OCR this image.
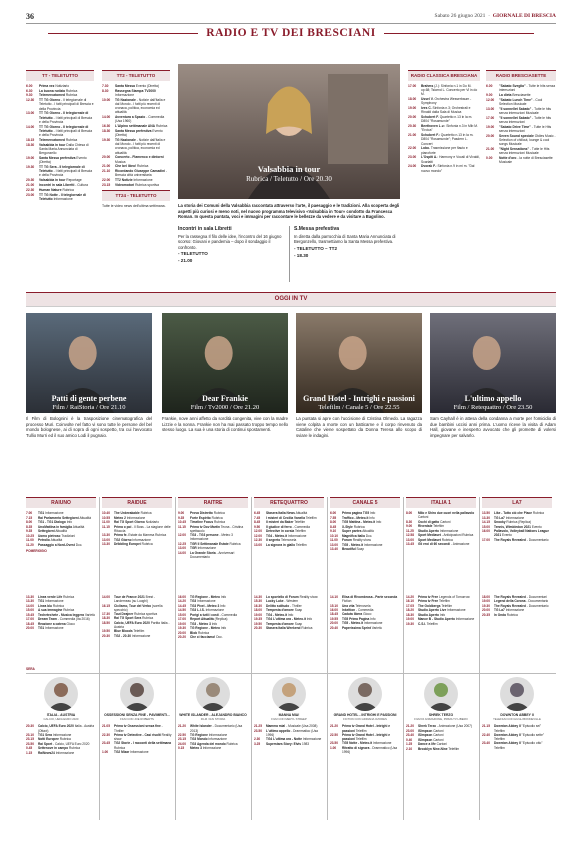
36	Sabato 26 giugno 2021  ·  GIORNALE DI BRESCIA
RADIO E TV DEI BRESCIANI
TT - TELETUTTO
6.00	Prima vez Notiziario
6.30	La buona notizia Rubrica
9.30	Telemercatomed Rubrica
12.30	TT TG Giorno - Il telegiornale di Teletutto - I fatti principali di Brescia e della Provincia
13.00	TT TG Giorno - Il telegiornale di Teletutto - I fatti principali di Brescia e della Provincia
14.00	TT TG Giorno - Il telegiornale di Teletutto - I fatti principali di Brescia e della Provincia
18.15	Telemercatomed Rubrica
18.30	Valsabbia in tour Dalla Chiesa di Santa Maria Annunciata di Bergonzello
19.00	Santa Messa prefestiva Evento (Diretta)
19.30	TT TG Sera - Il telegiornale di Teletutto - I fatti principali di Brescia e della Provincia
20.30	Valsabbia in tour Reportage
21.00	Incontri in sala Libretti - Cultura
22.30	Human Nature Rubrica
23.00	TT TG Notte - Il telegiornale di Teletutto Informazione
TT2 - TELETUTTO
7.30	Santa Messa Evento (Diretta)
8.30	Rassegna Stampa TV2000 Informazione
10.00	TG Nazionale - Notizie dall'Italia e dal Mondo - I fatti più recenti di cronaca, politica, economia ed attualità
14.00	Avventura a Spazio - Commedia (Usa 1960)
16.30	L'Alpino settimanale ANA Rubrica
18.30	Santa Messa prefestiva Evento (Diretta)
19.30	TG Nazionale - Notizie dall'Italia e dal Mondo - I fatti più recenti di cronaca, politica, economia ed attualità
20.00	Concerto - Flamenco e dintorni Musica
21.00	Che bel libro! Rubrica
21.10	Ricordando Giuseppe Camadini - Brescia città universitaria
22.00	TT2 Notizie Informazione
23.15	Videomotori Rubrica sportiva
TT24 - TELETUTTO
Tutte le video news dell'ultima settimana.
Valsabbia in tour
Rubrica / Teletutto / Ore 20.30
La storia dei Comuni della Valsabbia raccontata attraverso l'arte, il paesaggio e le tradizioni. Alla scoperta degli aspetti più curiosi e meno noti, nel nuovo programma televisivo «Valsabbia in Tour» condotto da Francesca Roman. In questa puntata, voci e immagini per raccontare le bellezze da vedere e da visitare a Bagolino.
Incontri in sala Libretti
Per la rassegna Il filo delle idee, l'incontro del 16 giugno scorso: Giovani e pandemia – dopo il sondaggio il confronto.
- TELETUTTO
- 21.00
S.Messa prefestiva
In diretta dalla parrocchia di Santa Maria Annunciata di Bergonzello, trasmettiamo la Santa Messa prefestiva.
- TELETUTTO – TT2
- 18.30
RADIO CLASSICA BRESCIANA
17.00	Brahms (J.): Sinfonia n.1 in Do M. op.68; Tsiarnd L. Concerto per Vl in do M.
18.00	Ussel V. Orchestra Wesserbaum - Symphony
19.00	Ives C. Sinfonia n.3; Orchestrali e Rinaldi dalla Sala di Musica
20.00	Schubert F. Quartetto n.13 in la m. D804 "Rosamunde"
20.30	Beethoven L.v.: Sinfonia n.3 in Mib M. "Eroica"
21.00	Schubert F.: Quartetto n.13 in la m. D804 "Rosamunde"; Pasdern L. Concert
22.00	Lobo. Trasmissione per flauto e pianoforte
23.00	L'Ospiti A.: Harmony e Vocali di Vivaldi, Scarlatti
24.00	Dvorak F.: Sinfonia n.9 in mi m. "Dal nuovo mondo"
RADIO BRESCIASETTE
6.00	"Sabato Sveglia" - Tutte le hits senza interruzioni
9.00	La dieta Bresciasette
12.00	"Sabato Lunch Time" - Cool Selection Musicale
13.00	"Il sonnellet Sabato" - Tutte le hits senza interruzioni Musicale
17.00	"Il sonnellet Sabato" - Tutte le hits senza interruzioni
19.00	"Sabato Drive Time" - Tutte le Hits senza interruzioni
20.00	Seven Sound speciale Oldies Music - Selection of chillout, lounge & cool songs Musicale
21.00	"Night Sensations" - Tutte le Hits senza interruzioni Musicale
0.00	Notte d'oro - la notte di Bresciasette Musicale
OGGI IN TV
Patti di gente perbene
Film / RaiStoria / Ore 21.10
Il Film di Bolognini è la trasposizione cinematografica del processo Muri. Coinvolte nel fatto vi sono tutte le persone del bel mondo bolognese, ai di sopra di ogni sospetto, tra cui l'avvocato Tullio Murri ed il suo amico Lodi il pugnaio.
Dear Frankie
Film / Tv2000 / Ore 21.20
Frankie, nove anni affetto da sordità congenita, vive con la madre Lizzie e la nonna. Frankie non ha mai passato troppo tempo nello stesso luogo. La sua è una storia di continui spostamenti.
Grand Hotel - Intrighi e passioni
Telefilm / Canale 5 / Ore 22.55
La puntata si apre con l'uccisione di Cristina Olmedo. La ragazza viene colpita a morte con un batticarne e il corpo rinvenuto da Cataline che viene sospettato da Donna Teresa allo scopo di sviare le indagini.
L'ultimo appello
Film / Retequattro / Ore 23.50
Sam Cayhall è in attesa della condanna a morte per l'omicidio di due bambini uccisi anni prima. L'uomo riceve la visita di Adam Hall, giovane e inesperto avvocato che gli promette di volersi impegnare per salvarlo.
RAIUNO
7.00	TG1 Informazione
7.15	Rai Parlamento Settegiorni Attualità
8.00	TG1 - TG1 Dialogo Info
8.35	UnoMattina in famiglia Attualità
9.35	Settegiorni Attualità
10.25	Uomo pietroso Tradizioni
11.00	Petrolio Attualità
11.20	Passaggio a Nord-Ovest Doc.
POMERIGGIO
13.30	Linea verde Life Rubrica
13.30	TG1 Informazione
14.00	Linea blu Rubrica
15.00	A sua immagine Rubrica
15.45	Techetechete - Musica leggera Varietà
17.00	Dream Team - Commedia (Ita 2016)
18.45	Reazione a catena Gioco
20.00	TG1 Informazione
RAIDUE
10.40	The Unbreakable Rubrica
10.55	Meteo 2 Informazione
11.00	Rai TG Sport Giorno Notiziario
11.15	Prima o poi - Il Boss - La stagione delle Rituccia
13.30	Prima fe. Estate da Mamma Rubrica
13.00	TG2 Giorno Informazione
13.30	Dribbling Europei Rubrica
14.00	Tour de France 2021 Brest - Landerneau (su Luoghi)
16.15	Ciclismo, Tour del Verbo (sorella specchio)
17.30	Tout Deajner Rubrica sportiva
18.30	Rai TG Sport Sera Rubrica
18.50	Calcio, UEFA Euro 2020 Partita Italia - Austria
19.50	Blue Bloods Telefilm
20.30	TG2 - 20.30 Informazione
RAITRE
9.00	Prova Distretto Rubrica
9.35	Forte Espirito Rubrica
10.45	Timeline Focus Rubrica
11.15	Prima tv Dov Martin Teona - Cristina spettacolo
12.00	TG3 - TG3 persone - Meteo 3 Informazione
12.25	TGR Il Settimanale Estate Rubrica
13.00	TGR Informazione
14.00	La Grande Storia - Anniversari Documentario
16.00	TG Regione - Meteo Info
14.20	TG3 Informazione
14.45	TG3 Pixel - Meteo 3 Info
14.50	TG3 L.I.S. Informazione
15.00	Porigi a tutti i costi - Commedia
17.00	Report Attualità (Replica)
19.00	TG3 - Meteo 3 Info
19.30	TG Regione - Meteo Info
20.00	Blob Rubrica
20.20	Che ci facciamo! Doc.
RETEQUATTRO
6.45	Stasera Italia News Attualità
7.45	I misteri di Cecilia Vanella Telefilm
8.45	Il misteri da Baker Telefilm
9.50	Il giudice di ferro - Commedia
12.00	Detective in corsia Telefilm
12.00	TG4 - Meteo.it Informazione
12.30	Il segreto Telenovela
13.00	La signora in giallo Telefilm
14.30	Lo sportello di Forum Reality show
15.30	Lucky Luke - Western
16.30	Delitto solitudo - Thriller
18.00	Tempesta d'amore Soap
19.00	TG4 - Meteo.it Info
19.35	TG4 L'ultima ora - Meteo.it Info
19.50	Tempesta d'amore Soap
20.30	Stasera Italia Weekend Rubrica
CANALE 5
6.00	Prima pagina TG5 Info
7.55	Traffico - Meteo.it Info
8.00	TG5 Mattina - Meteo.it Info
8.45	X-Style Rubrica
9.10	Super partes Attualità
10.10	Magnifica Italia Doc.
11.00	Forum Reality show
13.00	TG5 - Meteo.it Informazione
13.40	Beautiful Soap
14.10	Elisa di Rivombrosa - Parte seconda Fiction
15.10	Una vita Telenovela
16.00	Inkeltion - Commedia
18.45	Caduta libera Gioco
19.55	TG5 Prima Pagina Info
20.00	TG5 - Meteo.it Informazione
20.40	Paperissima Sprint Varietà
ITALIA 1
8.00	Milo e Shiro due cuori nella pallavolo Cartoni
8.30	Occhi di gatto Cartoni
9.00	Riverdale Telefilm
11.25	Studio Aperto Informazione
12.58	Sport Mediaset - Anticipazioni Rubrica
13.00	Sport Mediaset Rubrica
13.45	Gli eroi di 60 secondi - Animazione
14.20	Prima tv Free Legends of Tomorrow
16.10	Prima tv Free Telefilm
17.05	The Goldbergs Telefilm
18.20	Studio Aperto Live Informazione
18.30	Studio Aperto Info
19.00	Mance B - Studio Aperto Informazione
19.30	C.S.I. Telefilm
LA7
13.50	Like - Tutto ciò che Piace Rubrica
13.30	TG La7 Informazione
14.15	Snooky Rubrica (Replica)
15.00	Tennis, Wimbledon 2021 Evento
16.00	Pallavolo, Volleyball Nations League 2021 Evento
17.00	The Royals Revealed - Documentario
18.00	The Royals Revealed - Documentari
19.00	Legend della Corona - Documentario
19.30	The Royals Revealed - Documentario
20.00	TG La7 Informazione
20.35	In Onda Rubrica
SERA
ITALIA - AUSTRIA
CALCIO, UEFA EURO 2020
20.30	Calcio, UEFA Euro 2020 Italia - Austria (Ottavi)
23.10	TG1 Sera Informazione
23.15	Notti Europee Rubrica
23.50	Rai Sport - Calcio, UEFA Euro 2020
0.45	Settenove in campo Rubrica
1.15	RaiNews24 Informazione
OSSESSIONI SENZA FINE - PAVIMENTI...
FILM CON JOE ROBERTS
21.05	Prima tv Ossessioni senza fine - Thriller
22.30	Prima tv Detective - Casi risolti Reality show
23.45	TG2 Storie - I racconti della settimana Rubrica
1.00	TG2 Mizar Informazione
WHITE ISLANDER - ALEJANDRO BIANCO
FILM / RAI STORIA
21.20	White Islander - Documentario (Usa 2013)
22.50	TG Regione Informazione
23.15	TG3 Mondo Informazione
24.00	TG3 Agenda del mondo Rubrica
0.15	Meteo 3 Informazione
MANNA MIA!
FILM CON MERYL STREEP
21.25	Mamma mia! - Musicale (Usa 2008)
23.50	L'ultimo appello - Drammatico (Usa 1996)
2.30	TG4 L'ultima ora - Notte Informazione
3.25	Superstars Story: Elvis 1983
GRAND HOTEL - INTRIGHI E PASSIONI
FICTION CON ADRIANA OZORES
21.20	Prima tv Grand Hotel - Intrighi e passioni Telefilm
22.50	Prima tv Grand Hotel - Intrighi e passioni Telefilm
23.50	TG5 Notte - Meteo.it Informazione
1.00	Ritratto di signora - Drammatico (Usa 1996)
SHREK TERZO
FILM DI ANIMAZIONE, PRIMA TV LIBERO
21.20	Shrek Terzo - Animazione (Usa 2007)
23.00	ISimpson Cartoni
23.40	ISimpson Cartoni
0.40	ISimpson Cartoni
1.25	Dance a life Cartoni
2.10	Brooklyn Nine-Nine Telefilm
DOWNTON ABBEY II
TELEFILM CON HUGH BONNEVILLE
21.15	Downton Abbey II "Episodio sei" Telefilm
22.40	Downton Abbey II "Episodio sette" Telefilm
23.40	Downton Abbey II "Episodio otto" Telefilm
